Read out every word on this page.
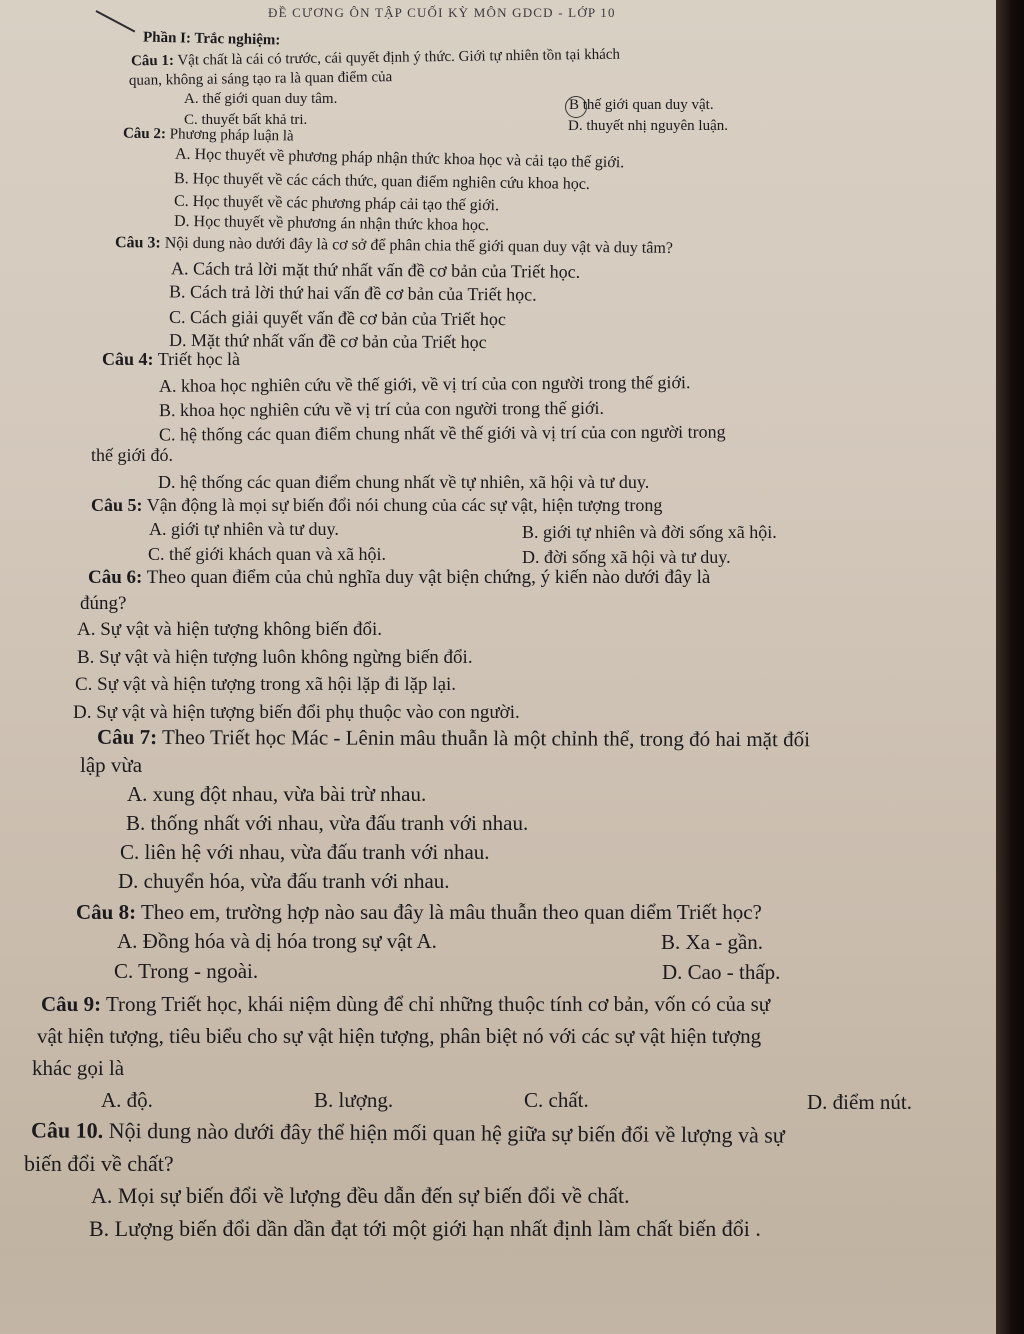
ĐỀ CƯƠNG ÔN TẬP CUỐI KỲ MÔN GDCD - LỚP 10
Phần I: Trắc nghiệm:
Câu 1: Vật chất là cái có trước, cái quyết định ý thức. Giới tự nhiên tồn tại khách
quan, không ai sáng tạo ra là quan điểm của
A. thế giới quan duy tâm.	B thế giới quan duy vật.
C. thuyết bất khả tri.	D. thuyết nhị nguyên luận.
Câu 2: Phương pháp luận là
A. Học thuyết về phương pháp nhận thức khoa học và cải tạo thế giới.
B. Học thuyết về các cách thức, quan điểm nghiên cứu khoa học.
C. Học thuyết về các phương pháp cải tạo thế giới.
D. Học thuyết về phương án nhận thức khoa học.
Câu 3: Nội dung nào dưới đây là cơ sở để phân chia thế giới quan duy vật và duy tâm?
A. Cách trả lời mặt thứ nhất vấn đề cơ bản của Triết học.
B. Cách trả lời thứ hai vấn đề cơ bản của Triết học.
C. Cách giải quyết vấn đề cơ bản của Triết học
D. Mặt thứ nhất vấn đề cơ bản của Triết học
Câu 4: Triết học là
A. khoa học nghiên cứu về thế giới, về vị trí của con người trong thế giới.
B. khoa học nghiên cứu về vị trí của con người trong thế giới.
C. hệ thống các quan điểm chung nhất về thế giới và vị trí của con người trong
thế giới đó.
D. hệ thống các quan điểm chung nhất về tự nhiên, xã hội và tư duy.
Câu 5: Vận động là mọi sự biến đổi nói chung của các sự vật, hiện tượng trong
A. giới tự nhiên và tư duy.	B. giới tự nhiên và đời sống xã hội.
C. thế giới khách quan và xã hội.	D. đời sống xã hội và tư duy.
Câu 6: Theo quan điểm của chủ nghĩa duy vật biện chứng, ý kiến nào dưới đây là
đúng?
A. Sự vật và hiện tượng không biến đổi.
B. Sự vật và hiện tượng luôn không ngừng biến đổi.
C. Sự vật và hiện tượng trong xã hội lặp đi lặp lại.
D. Sự vật và hiện tượng biến đổi phụ thuộc vào con người.
Câu 7: Theo Triết học Mác - Lênin mâu thuẫn là một chỉnh thể, trong đó hai mặt đối
lập vừa
A. xung đột nhau, vừa bài trừ nhau.
B. thống nhất với nhau, vừa đấu tranh với nhau.
C. liên hệ với nhau, vừa đấu tranh với nhau.
D. chuyển hóa, vừa đấu tranh với nhau.
Câu 8: Theo em, trường hợp nào sau đây là mâu thuẫn theo quan diểm Triết học?
A. Đồng hóa và dị hóa trong sự vật A.	B. Xa - gần.
C. Trong - ngoài.	D. Cao - thấp.
Câu 9: Trong Triết học, khái niệm dùng để chỉ những thuộc tính cơ bản, vốn có của sự
vật hiện tượng, tiêu biểu cho sự vật hiện tượng, phân biệt nó với các sự vật hiện tượng
khác gọi là
A. độ.	B. lượng.	C. chất.	D. điểm nút.
Câu 10. Nội dung nào dưới đây thể hiện mối quan hệ giữa sự biến đổi về lượng và sự
biến đổi về chất?
A. Mọi sự biến đổi về lượng đều dẫn đến sự biến đổi về chất.
B. Lượng biến đổi dần dần đạt tới một giới hạn nhất định làm chất biến đổi .
